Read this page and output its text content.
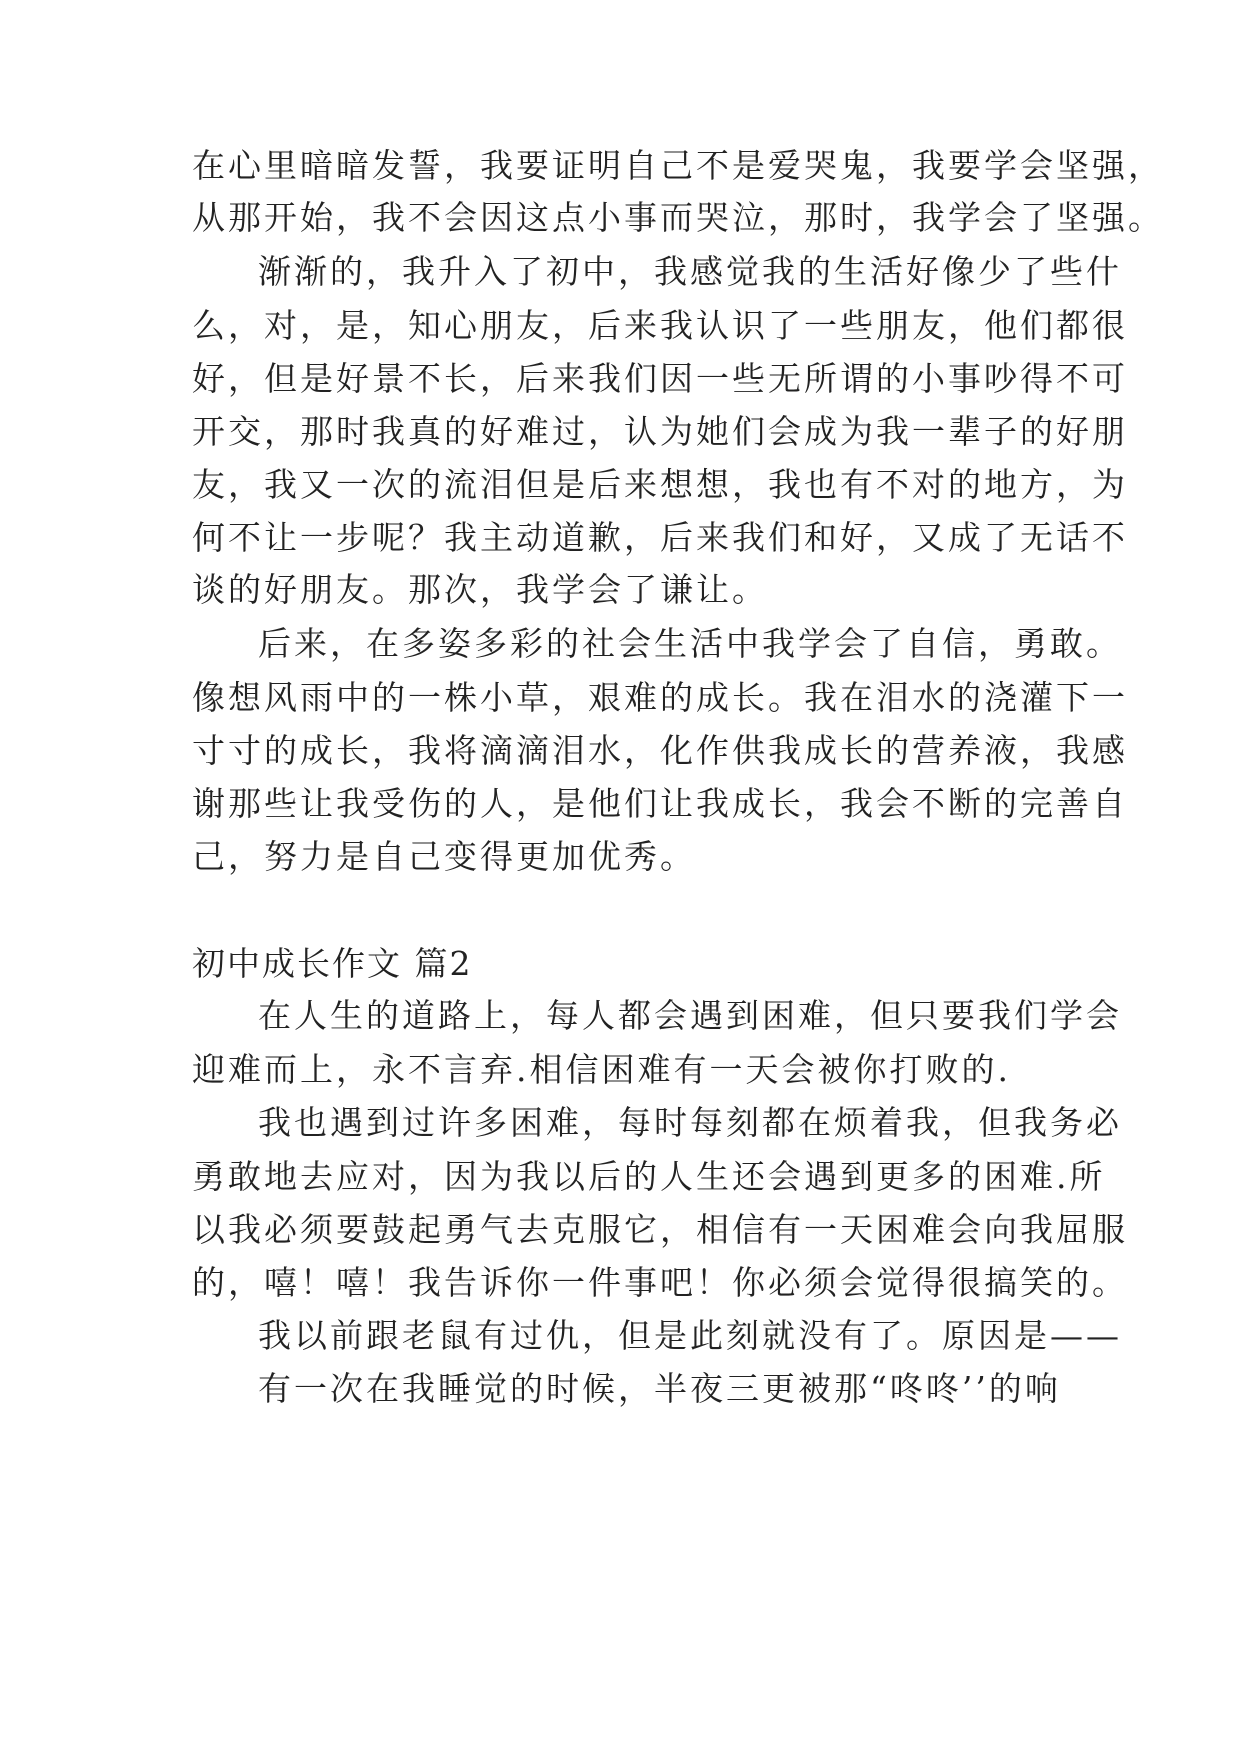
在心里暗暗发誓，我要证明自己不是爱哭鬼，我要学会坚强，
从那开始，我不会因这点小事而哭泣，那时，我学会了坚强。
渐渐的，我升入了初中，我感觉我的生活好像少了些什
么，对，是，知心朋友，后来我认识了一些朋友，他们都很
好，但是好景不长，后来我们因一些无所谓的小事吵得不可
开交，那时我真的好难过，认为她们会成为我一辈子的好朋
友，我又一次的流泪但是后来想想，我也有不对的地方，为
何不让一步呢？我主动道歉，后来我们和好，又成了无话不
谈的好朋友。那次，我学会了谦让。
后来，在多姿多彩的社会生活中我学会了自信，勇敢。
像想风雨中的一株小草，艰难的成长。我在泪水的浇灌下一
寸寸的成长，我将滴滴泪水，化作供我成长的营养液，我感
谢那些让我受伤的人，是他们让我成长，我会不断的完善自
己，努力是自己变得更加优秀。
初中成长作文 篇2
在人生的道路上，每人都会遇到困难，但只要我们学会
迎难而上，永不言弃.相信困难有一天会被你打败的.
我也遇到过许多困难，每时每刻都在烦着我，但我务必
勇敢地去应对，因为我以后的人生还会遇到更多的困难.所
以我必须要鼓起勇气去克服它，相信有一天困难会向我屈服
的，嘻！嘻！我告诉你一件事吧！你必须会觉得很搞笑的。
我以前跟老鼠有过仇，但是此刻就没有了。原因是——
有一次在我睡觉的时候，半夜三更被那“咚咚’’的响
